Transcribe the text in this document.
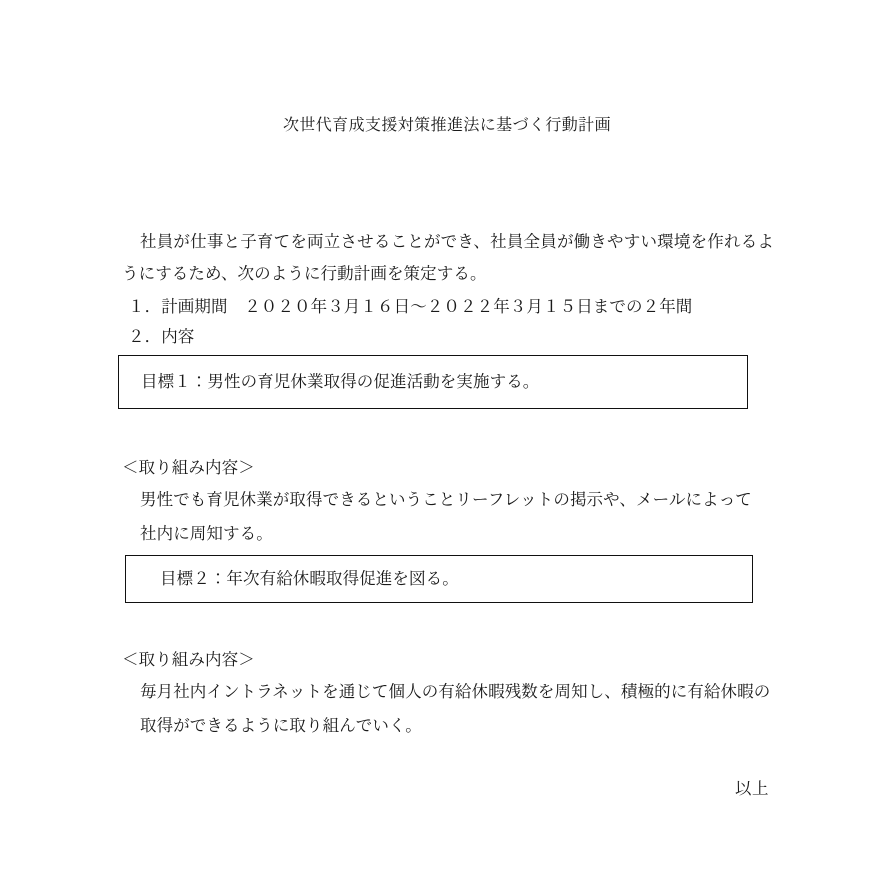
次世代育成支援対策推進法に基づく行動計画

社員が仕事と子育てを両立させることができ、社員全員が働きやすい環境を作れるようにするため、次のように行動計画を策定する。

１．計画期間　２０２０年３月１６日～２０２２年３月１５日までの２年間
２．内容
目標１：男性の育児休業取得の促進活動を実施する。

＜取り組み内容＞

男性でも育児休業が取得できるということリーフレットの掲示や、メールによって

社内に周知する。

目標２：年次有給休暇取得促進を図る。

＜取り組み内容＞

毎月社内イントラネットを通じて個人の有給休暇残数を周知し、積極的に有給休暇の

取得ができるように取り組んでいく。

以上
